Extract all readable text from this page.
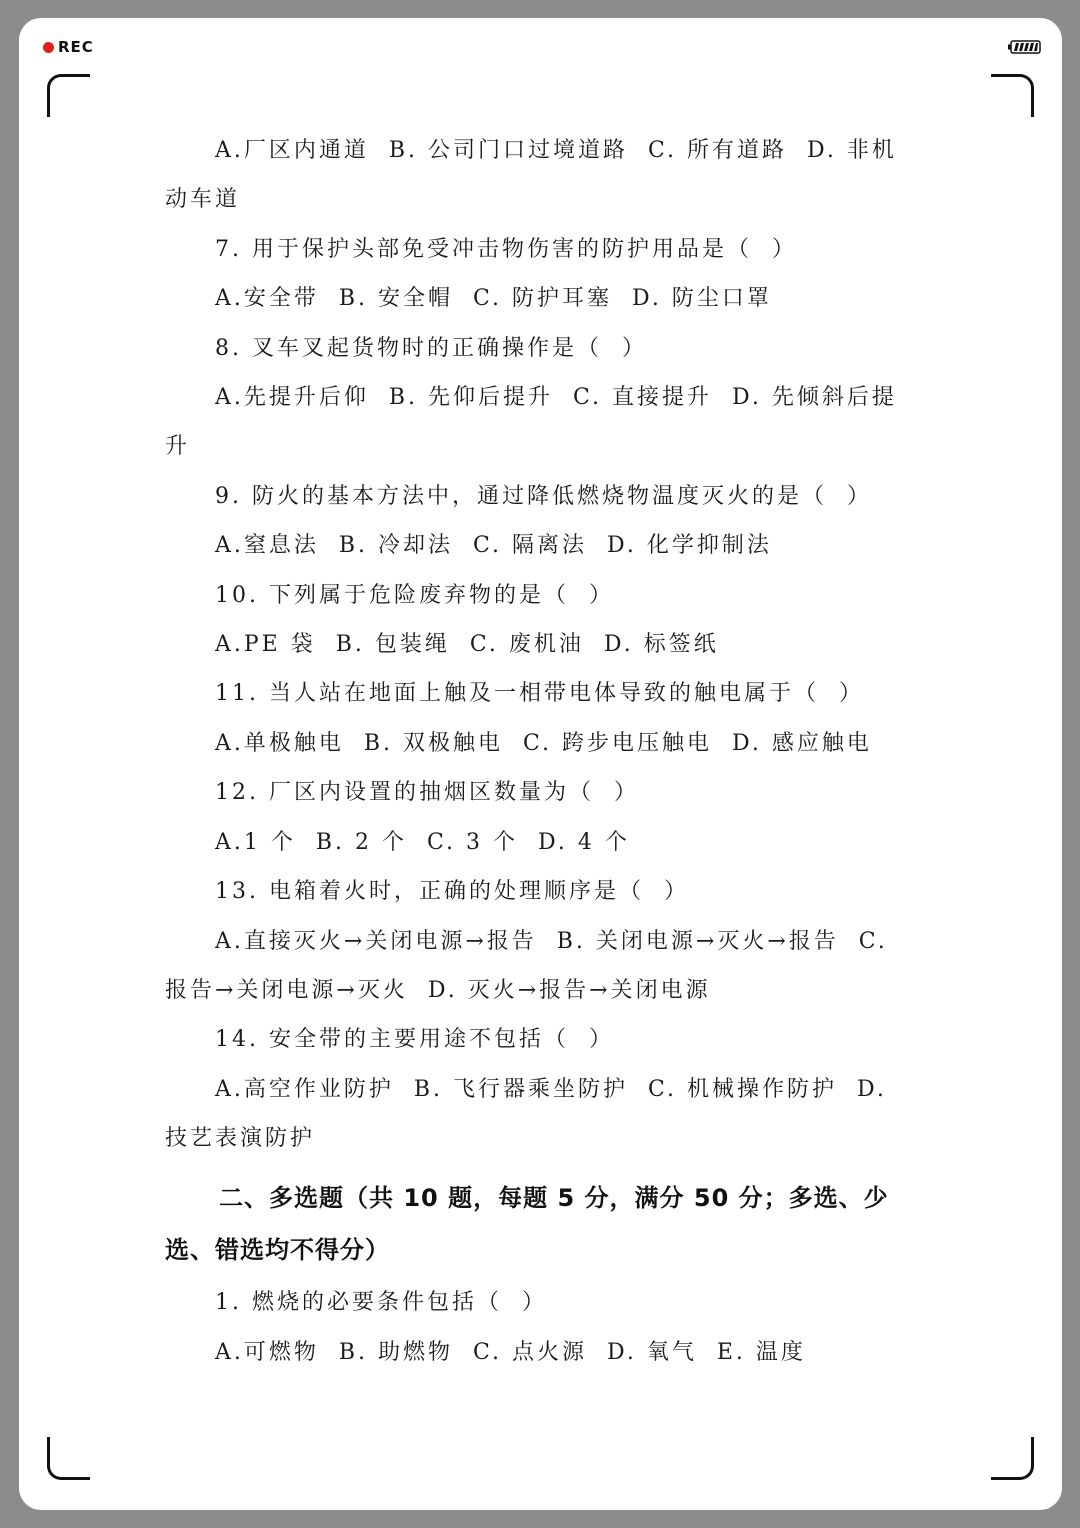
REC
A.厂区内通道  B. 公司门口过境道路  C. 所有道路  D. 非机
动车道
7. 用于保护头部免受冲击物伤害的防护用品是（  ）
A.安全带  B. 安全帽  C. 防护耳塞  D. 防尘口罩
8. 叉车叉起货物时的正确操作是（  ）
A.先提升后仰  B. 先仰后提升  C. 直接提升  D. 先倾斜后提
升
9. 防火的基本方法中，通过降低燃烧物温度灭火的是（  ）
A.窒息法  B. 冷却法  C. 隔离法  D. 化学抑制法
10. 下列属于危险废弃物的是（  ）
A.PE 袋  B. 包装绳  C. 废机油  D. 标签纸
11. 当人站在地面上触及一相带电体导致的触电属于（  ）
A.单极触电  B. 双极触电  C. 跨步电压触电  D. 感应触电
12. 厂区内设置的抽烟区数量为（  ）
A.1 个  B. 2 个  C. 3 个  D. 4 个
13. 电箱着火时，正确的处理顺序是（  ）
A.直接灭火→关闭电源→报告  B. 关闭电源→灭火→报告  C.
报告→关闭电源→灭火  D. 灭火→报告→关闭电源
14. 安全带的主要用途不包括（  ）
A.高空作业防护  B. 飞行器乘坐防护  C. 机械操作防护  D.
技艺表演防护
二、多选题（共 10 题，每题 5 分，满分 50 分；多选、少
选、错选均不得分）
1. 燃烧的必要条件包括（  ）
A.可燃物  B. 助燃物  C. 点火源  D. 氧气  E. 温度
